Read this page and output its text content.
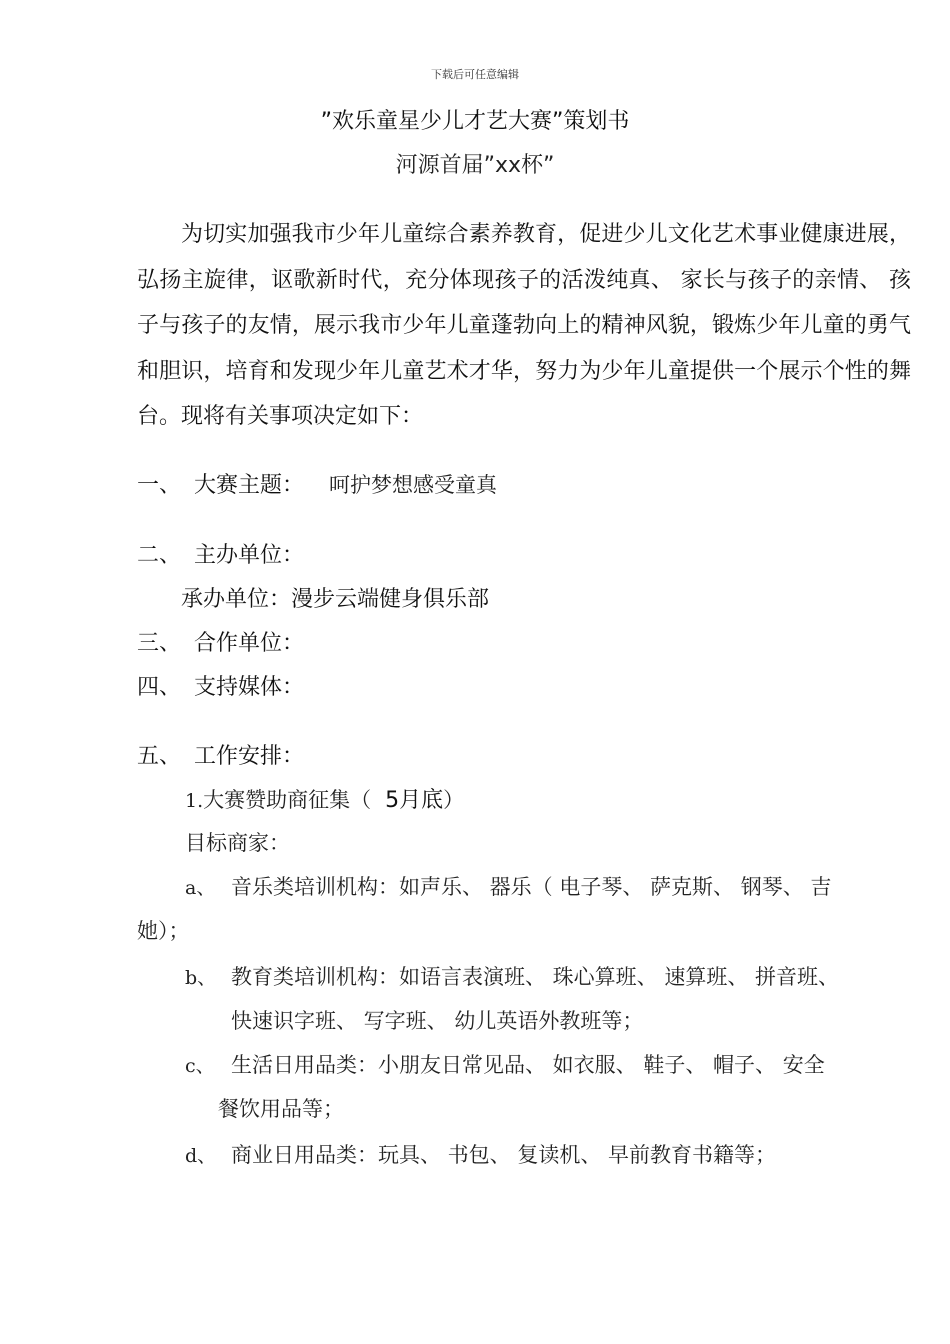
下载后可任意编辑
”欢乐童星少儿才艺大赛”策划书
河源首届”xx杯”
为切实加强我市少年儿童综合素养教育，促进少儿文化艺术事业健康进展，弘扬主旋律，讴歌新时代，充分体现孩子的活泼纯真、 家长与孩子的亲情、 孩子与孩子的友情，展示我市少年儿童蓬勃向上的精神风貌，锻炼少年儿童的勇气和胆识，培育和发现少年儿童艺术才华，努力为少年儿童提供一个展示个性的舞台。现将有关事项决定如下：
一、 大赛主题： 呵护梦想感受童真
二、 主办单位：
承办单位：漫步云端健身俱乐部
三、 合作单位：
四、 支持媒体：
五、 工作安排：
1.大赛赞助商征集（ 5月底）
目标商家：
a、 音乐类培训机构：如声乐、 器乐（ 电子琴、 萨克斯、 钢琴、 吉
她）；
b、 教育类培训机构：如语言表演班、 珠心算班、 速算班、 拼音班、
快速识字班、 写字班、 幼儿英语外教班等；
c、 生活日用品类：小朋友日常见品、 如衣服、 鞋子、 帽子、 安全
餐饮用品等；
d、 商业日用品类：玩具、 书包、 复读机、 早前教育书籍等；
